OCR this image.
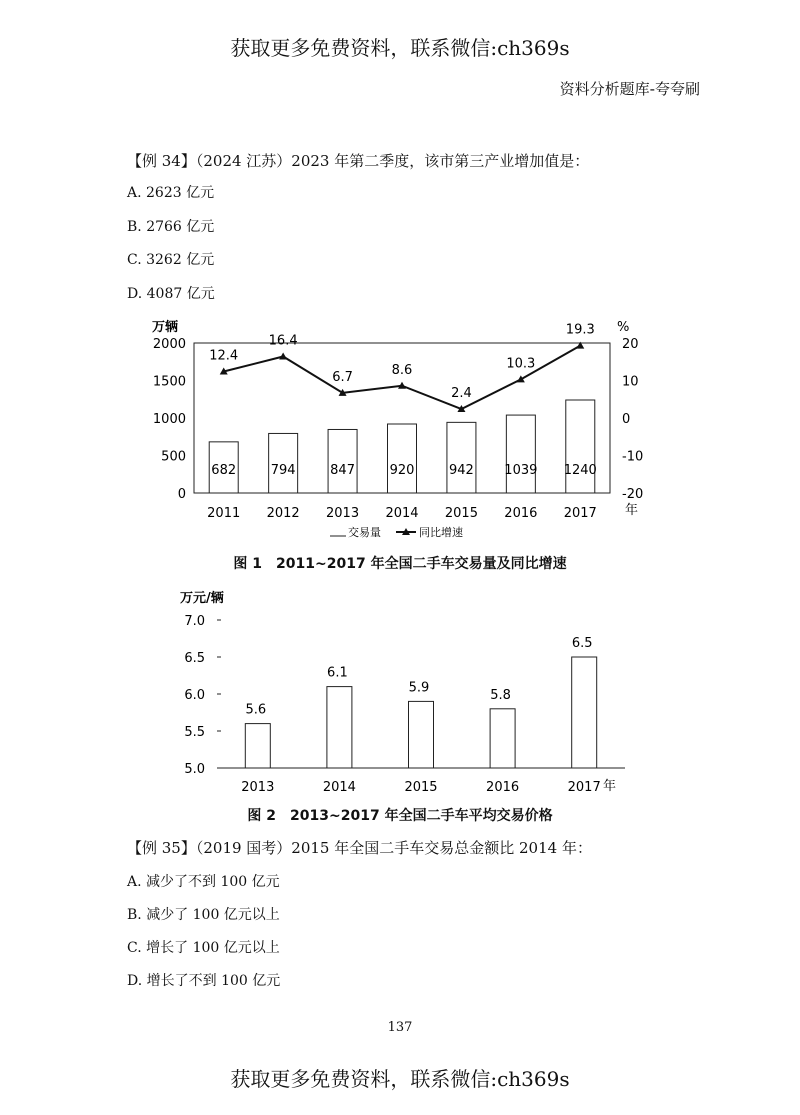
获取更多免费资料，联系微信:ch369s
资料分析题库-夸夸刷
【例 34】（2024 江苏）2023 年第二季度，该市第三产业增加值是：
A. 2623 亿元
B. 2766 亿元
C. 3262 亿元
D. 4087 亿元
万辆	%
0
500
1000
1500
2000
-20
-10
0
10
20
682
2011
12.4
794
2012
16.4
847
2013
6.7
920
2014
8.6
942
2015
2.4
1039
2016
10.3
1240
2017
19.3
年
交易量	同比增速
图 1　2011~2017 年全国二手车交易量及同比增速
万元/辆
5.0
5.5
6.0
6.5
7.0
5.6
2013
6.1
2014
5.9
2015
5.8
2016
6.5
2017 年
图 2　2013~2017 年全国二手车平均交易价格
【例 35】（2019 国考）2015 年全国二手车交易总金额比 2014 年：
A. 减少了不到 100 亿元
B. 减少了 100 亿元以上
C. 增长了 100 亿元以上
D. 增长了不到 100 亿元
137
获取更多免费资料，联系微信:ch369s
